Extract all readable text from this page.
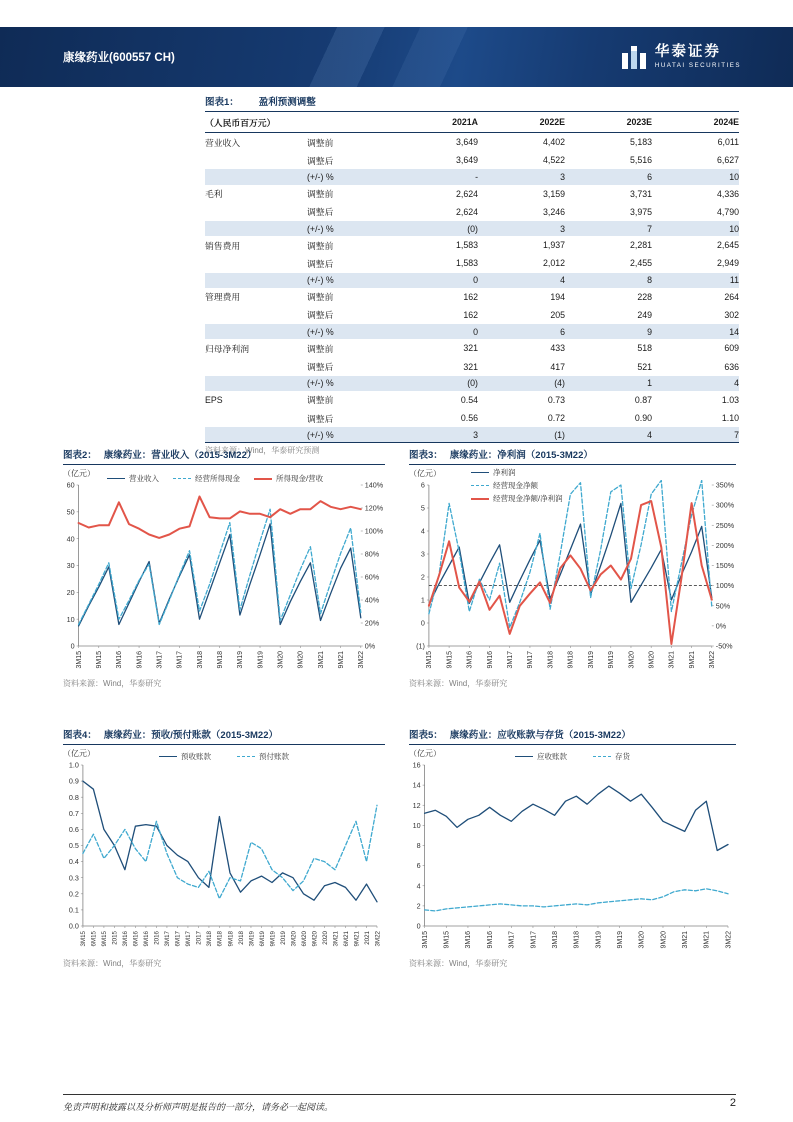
康缘药业(600557 CH)	华泰证券
HUATAI SECURITIES
图表1： 盈利预测调整
（人民币百万元）		2021A	2022E	2023E	2024E
营业收入	调整前	3,649	4,402	5,183	6,011
	调整后	3,649	4,522	5,516	6,627
	(+/-) %	-	3	6	10
毛利	调整前	2,624	3,159	3,731	4,336
	调整后	2,624	3,246	3,975	4,790
	(+/-) %	(0)	3	7	10
销售费用	调整前	1,583	1,937	2,281	2,645
	调整后	1,583	2,012	2,455	2,949
	(+/-) %	0	4	8	11
管理费用	调整前	162	194	228	264
	调整后	162	205	249	302
	(+/-) %	0	6	9	14
归母净利润	调整前	321	433	518	609
	调整后	321	417	521	636
	(+/-) %	(0)	(4)	1	4
EPS	调整前	0.54	0.73	0.87	1.03
	调整后	0.56	0.72	0.90	1.10
	(+/-) %	3	(1)	4	7
资料来源：Wind，华泰研究预测
图表2： 康缘药业：营业收入（2015-3M22）
（亿元）
营业收入	经营所得现金	所得现金/营收
0
10
20
30
40
50
60
0%
20%
40%
60%
80%
100%
120%
140%
3M15 9M15 3M16 9M16 3M17 9M17 3M18 9M18 3M19 9M19 3M20 9M20 3M21 9M21 3M22
资料来源：Wind，华泰研究
图表3： 康缘药业：净利润（2015-3M22）
（亿元）	净利润
经营现金净额
经营现金净额/净利润
(1)
0
1
2
3
4
5
6
-50%
0%
50%
100%
150%
200%
250%
300%
350%
3M15 9M15 3M16 9M16 3M17 9M17 3M18 9M18 3M19 9M19 3M20 9M20 3M21 9M21 3M22
资料来源：Wind，华泰研究
图表4： 康缘药业：预收/预付账款（2015-3M22）
（亿元）	预收账款	预付账款
0.0
0.1
0.2
0.3
0.4
0.5
0.6
0.7
0.8
0.9
1.0
3M15 6M15 9M15 2015 3M16 6M16 9M16 2016 3M17 6M17 9M17 2017 3M18 6M18 9M18 2018 3M19 6M19 9M19 2019 3M20 6M20 9M20 2020 3M21 6M21 9M21 2021 3M22
资料来源：Wind，华泰研究
图表5： 康缘药业：应收账款与存货（2015-3M22）
（亿元）	应收账款	存货
0
2
4
6
8
10
12
14
16
3M15 9M15 3M16 9M16 3M17 9M17 3M18 9M18 3M19 9M19 3M20 9M20 3M21 9M21 3M22
资料来源：Wind，华泰研究
免责声明和披露以及分析师声明是报告的一部分，请务必一起阅读。	2
